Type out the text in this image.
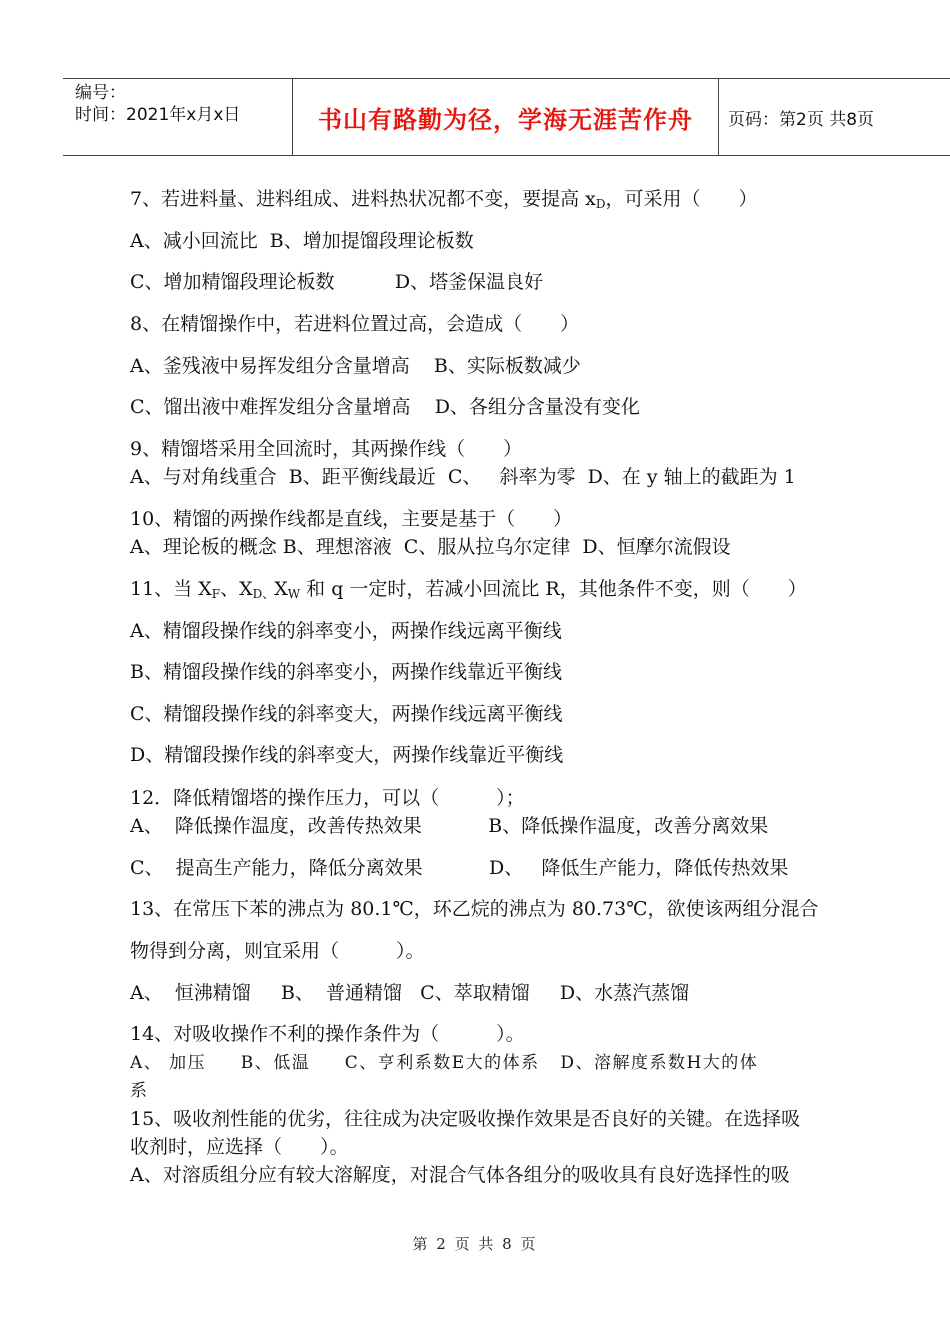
编号：
时间：2021年x月x日	书山有路勤为径，学海无涯苦作舟	页码：第2页 共8页
7、若进料量、进料组成、进料热状况都不变，要提高 $x_D$，可采用（　　）
A、减小回流比  B、增加提馏段理论板数
C、增加精馏段理论板数          D、塔釜保温良好
8、在精馏操作中，若进料位置过高，会造成（　　）
A、釜残液中易挥发组分含量增高    B、实际板数减少
C、馏出液中难挥发组分含量增高    D、各组分含量没有变化
9、精馏塔采用全回流时，其两操作线（　　）
A、与对角线重合  B、距平衡线最近  C、   斜率为零  D、在 y 轴上的截距为 1
10、精馏的两操作线都是直线，主要是基于（　　）
A、理论板的概念 B、理想溶液  C、服从拉乌尔定律  D、恒摩尔流假设
11、当 $X_F$、$X_{D、}X_W$ 和 q 一定时，若减小回流比 R，其他条件不变，则（　　）
A、精馏段操作线的斜率变小，两操作线远离平衡线
B、精馏段操作线的斜率变小，两操作线靠近平衡线
C、精馏段操作线的斜率变大，两操作线远离平衡线
D、精馏段操作线的斜率变大，两操作线靠近平衡线
12．降低精馏塔的操作压力，可以（　　　）；
A、  降低操作温度，改善传热效果           B、降低操作温度，改善分离效果
C、  提高生产能力，降低分离效果           D、   降低生产能力，降低传热效果
13、在常压下苯的沸点为 80.1℃，环乙烷的沸点为 80.73℃，欲使该两组分混合
物得到分离，则宜采用（　　　）。
A、  恒沸精馏     B、  普通精馏   C、萃取精馏     D、水蒸汽蒸馏
14、对吸收操作不利的操作条件为（　　　）。
A、 加压     B、低温     C、亨利系数E大的体系   D、溶解度系数H大的体
系
15、吸收剂性能的优劣，往往成为决定吸收操作效果是否良好的关键。在选择吸
收剂时，应选择（　　）。
A、对溶质组分应有较大溶解度，对混合气体各组分的吸收具有良好选择性的吸
第 2 页 共 8 页
